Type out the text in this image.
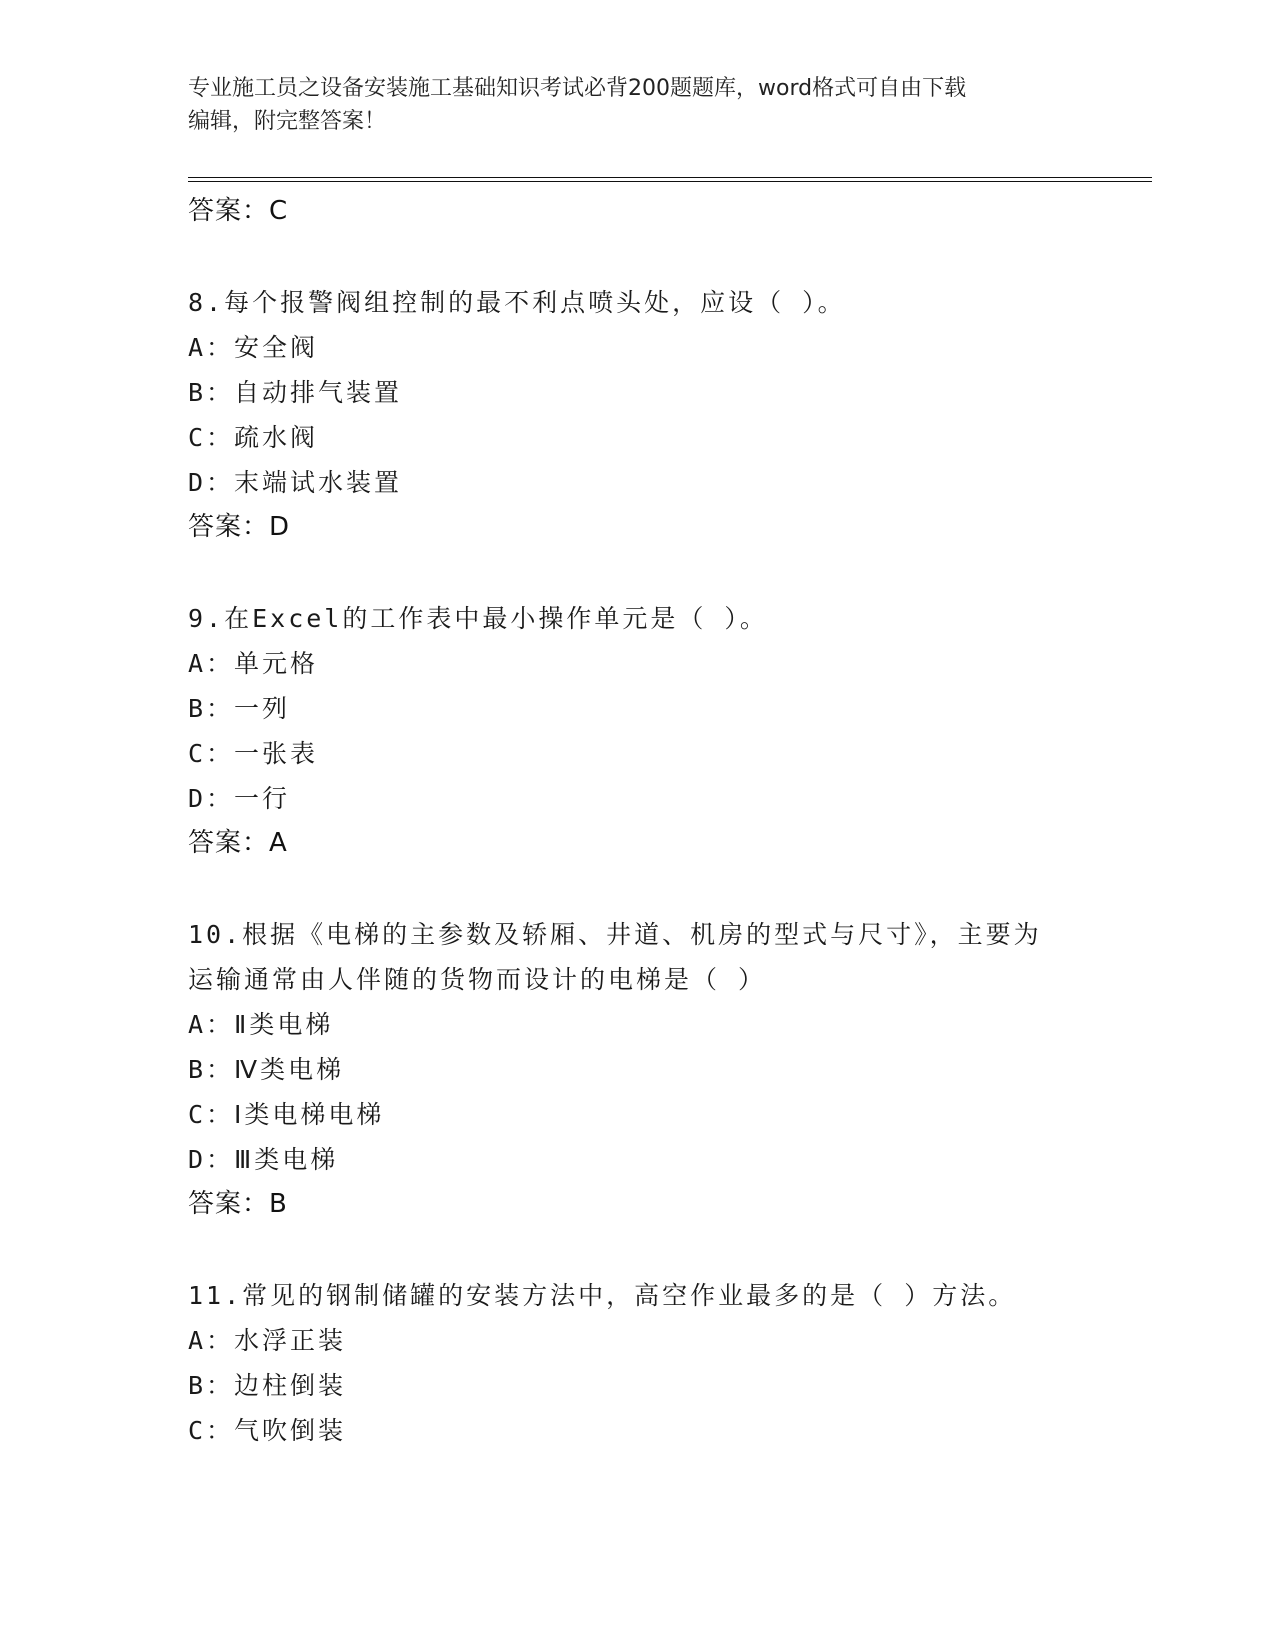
专业施工员之设备安装施工基础知识考试必背200题题库，word格式可自由下载
编辑，附完整答案！
答案：C
8.每个报警阀组控制的最不利点喷头处，应设（ ）。
A：安全阀
B：自动排气装置
C：疏水阀
D：末端试水装置
答案：D
9.在Excel的工作表中最小操作单元是（ ）。
A：单元格
B：一列
C：一张表
D：一行
答案：A
10.根据《电梯的主参数及轿厢、井道、机房的型式与尺寸》，主要为
运输通常由人伴随的货物而设计的电梯是（ ）
A：Ⅱ类电梯
B：Ⅳ类电梯
C：Ⅰ类电梯电梯
D：Ⅲ类电梯
答案：B
11.常见的钢制储罐的安装方法中，高空作业最多的是（ ）方法。
A：水浮正装
B：边柱倒装
C：气吹倒装
